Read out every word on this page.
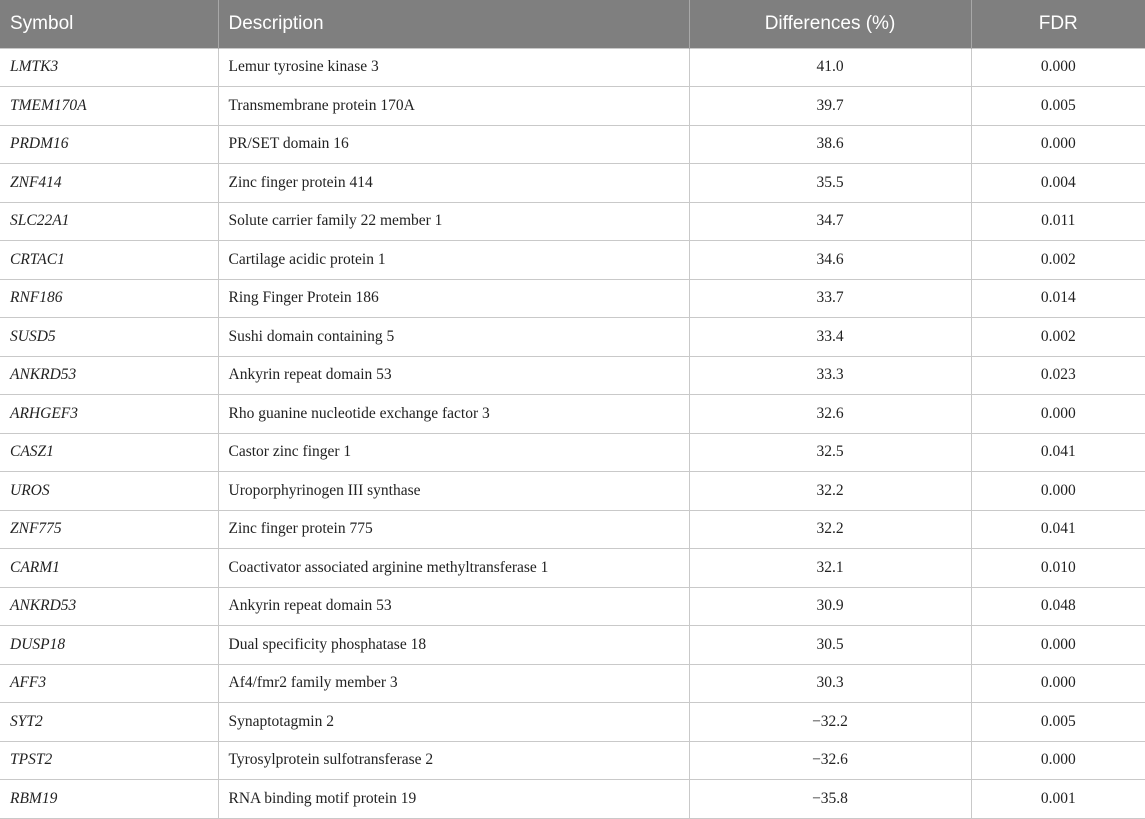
Symbol	Description	Differences (%)	FDR
LMTK3	Lemur tyrosine kinase 3	41.0	0.000
TMEM170A	Transmembrane protein 170A	39.7	0.005
PRDM16	PR/SET domain 16	38.6	0.000
ZNF414	Zinc finger protein 414	35.5	0.004
SLC22A1	Solute carrier family 22 member 1	34.7	0.011
CRTAC1	Cartilage acidic protein 1	34.6	0.002
RNF186	Ring Finger Protein 186	33.7	0.014
SUSD5	Sushi domain containing 5	33.4	0.002
ANKRD53	Ankyrin repeat domain 53	33.3	0.023
ARHGEF3	Rho guanine nucleotide exchange factor 3	32.6	0.000
CASZ1	Castor zinc finger 1	32.5	0.041
UROS	Uroporphyrinogen III synthase	32.2	0.000
ZNF775	Zinc finger protein 775	32.2	0.041
CARM1	Coactivator associated arginine methyltransferase 1	32.1	0.010
ANKRD53	Ankyrin repeat domain 53	30.9	0.048
DUSP18	Dual specificity phosphatase 18	30.5	0.000
AFF3	Af4/fmr2 family member 3	30.3	0.000
SYT2	Synaptotagmin 2	−32.2	0.005
TPST2	Tyrosylprotein sulfotransferase 2	−32.6	0.000
RBM19	RNA binding motif protein 19	−35.8	0.001
